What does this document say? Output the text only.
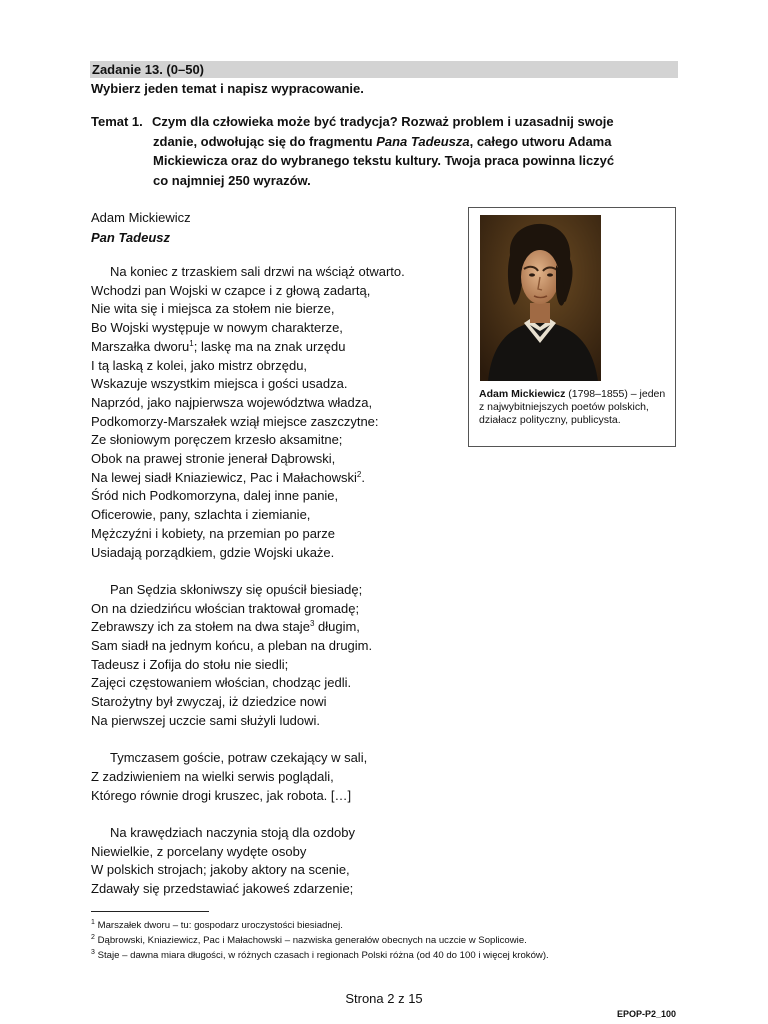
Zadanie 13. (0–50)
Wybierz jeden temat i napisz wypracowanie.
Temat 1. Czym dla człowieka może być tradycja? Rozważ problem i uzasadnij swoje
zdanie, odwołując się do fragmentu Pana Tadeusza, całego utworu Adama
Mickiewicza oraz do wybranego tekstu kultury. Twoja praca powinna liczyć
co najmniej 250 wyrazów.
Adam Mickiewicz
Pan Tadeusz
Na koniec z trzaskiem sali drzwi na wściąż otwarto.
Wchodzi pan Wojski w czapce i z głową zadartą,
Nie wita się i miejsca za stołem nie bierze,
Bo Wojski występuje w nowym charakterze,
Marszałka dworu$^1$; laskę ma na znak urzędu
I tą laską z kolei, jako mistrz obrzędu,
Wskazuje wszystkim miejsca i gości usadza.
Naprzód, jako najpierwsza województwa władza,
Podkomorzy-Marszałek wziął miejsce zaszczytne:
Ze słoniowym poręczem krzesło aksamitne;
Obok na prawej stronie jenerał Dąbrowski,
Na lewej siadł Kniaziewicz, Pac i Małachowski$^2$.
Śród nich Podkomorzyna, dalej inne panie,
Oficerowie, pany, szlachta i ziemianie,
Mężczyźni i kobiety, na przemian po parze
Usiadają porządkiem, gdzie Wojski ukaże.
Pan Sędzia skłoniwszy się opuścił biesiadę;
On na dziedzińcu włościan traktował gromadę;
Zebrawszy ich za stołem na dwa staje$^3$ długim,
Sam siadł na jednym końcu, a pleban na drugim.
Tadeusz i Zofija do stołu nie siedli;
Zajęci częstowaniem włościan, chodząc jedli.
Starożytny był zwyczaj, iż dziedzice nowi
Na pierwszej uczcie sami służyli ludowi.
Tymczasem goście, potraw czekający w sali,
Z zadziwieniem na wielki serwis poglądali,
Którego równie drogi kruszec, jak robota. […]
Na krawędziach naczynia stoją dla ozdoby
Niewielkie, z porcelany wydęte osoby
W polskich strojach; jakoby aktory na scenie,
Zdawały się przedstawiać jakoweś zdarzenie;
Adam Mickiewicz (1798–1855) – jeden z najwybitniejszych poetów polskich, działacz polityczny, publicysta.
$^1$ Marszałek dworu – tu: gospodarz uroczystości biesiadnej.
$^2$ Dąbrowski, Kniaziewicz, Pac i Małachowski – nazwiska generałów obecnych na uczcie w Soplicowie.
$^3$ Staje – dawna miara długości, w różnych czasach i regionach Polski różna (od 40 do 100 i więcej kroków).
Strona 2 z 15
EPOP-P2_100
